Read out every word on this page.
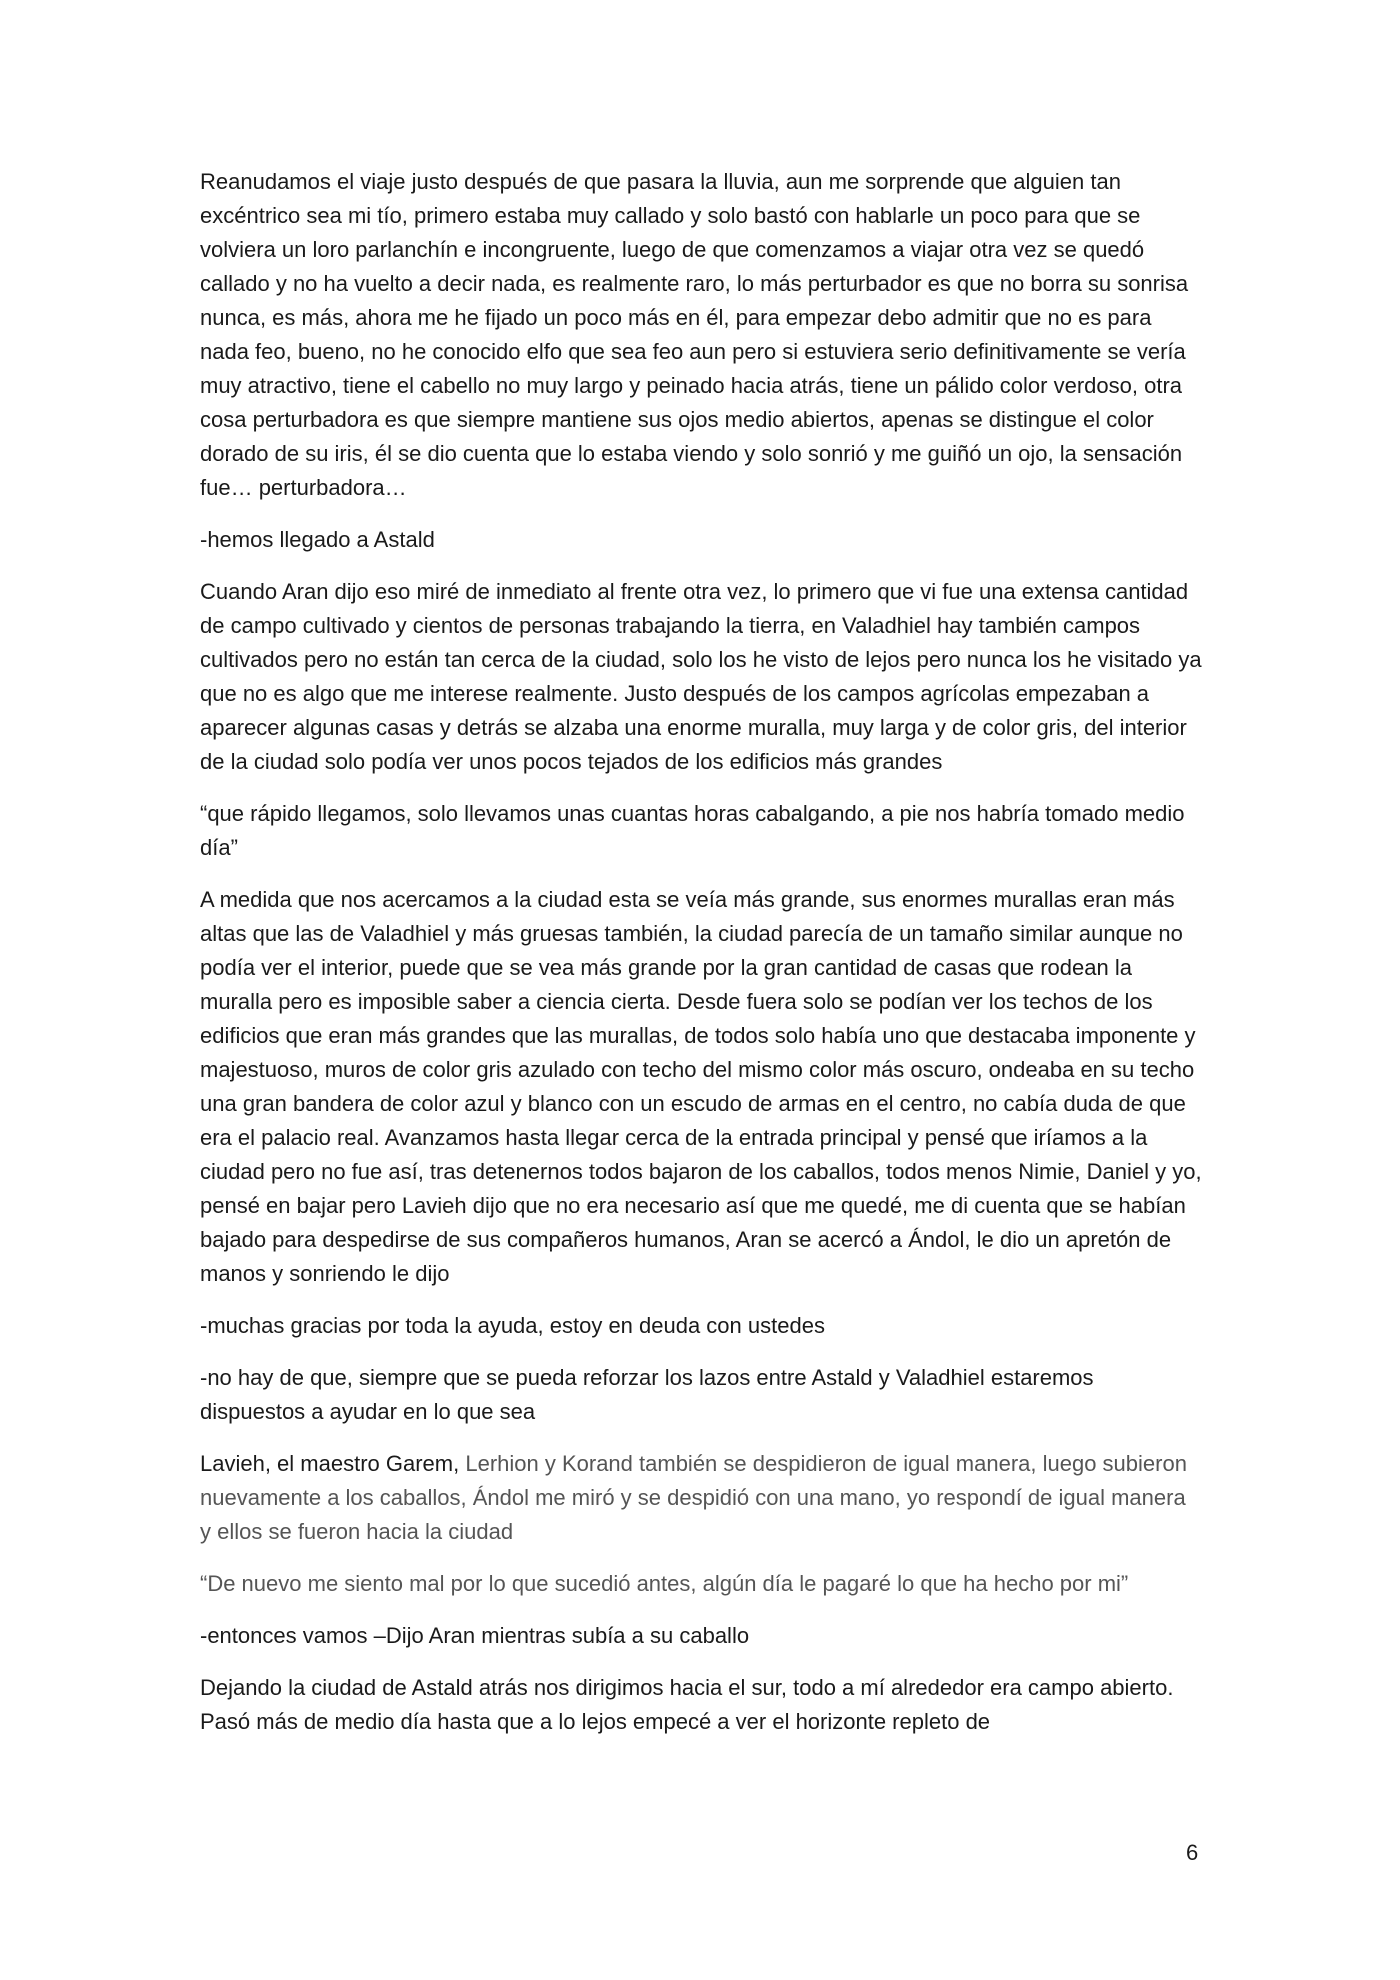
Reanudamos el viaje justo después de que pasara la lluvia, aun me sorprende que alguien tan excéntrico sea mi tío, primero estaba muy callado y solo bastó con hablarle un poco para que se volviera un loro parlanchín e incongruente, luego de que comenzamos a viajar otra vez se quedó callado y no ha vuelto a decir nada, es realmente raro, lo más perturbador es que no borra su sonrisa nunca, es más, ahora me he fijado un poco más en él, para empezar debo admitir que no es para nada feo, bueno, no he conocido elfo que sea feo aun pero si estuviera serio definitivamente se vería muy atractivo, tiene el cabello no muy largo y peinado hacia atrás, tiene un pálido color verdoso, otra cosa perturbadora es que siempre mantiene sus ojos medio abiertos, apenas se distingue el color dorado de su iris, él se dio cuenta que lo estaba viendo y solo sonrió y me guiñó un ojo, la sensación fue… perturbadora…

-hemos llegado a Astald

Cuando Aran dijo eso miré de inmediato al frente otra vez, lo primero que vi fue una extensa cantidad de campo cultivado y cientos de personas trabajando la tierra, en Valadhiel hay también campos cultivados pero no están tan cerca de la ciudad, solo los he visto de lejos pero nunca los he visitado ya que no es algo que me interese realmente. Justo después de los campos agrícolas empezaban a aparecer algunas casas y detrás se alzaba una enorme muralla, muy larga y de color gris, del interior de la ciudad solo podía ver unos pocos tejados de los edificios más grandes

“que rápido llegamos, solo llevamos unas cuantas horas cabalgando, a pie nos habría tomado medio día”

A medida que nos acercamos a la ciudad esta se veía más grande, sus enormes murallas eran más altas que las de Valadhiel y más gruesas también, la ciudad parecía de un tamaño similar aunque no podía ver el interior, puede que se vea más grande por la gran cantidad de casas que rodean la muralla pero es imposible saber a ciencia cierta. Desde fuera solo se podían ver los techos de los edificios que eran más grandes que las murallas, de todos solo había uno que destacaba imponente y majestuoso, muros de color gris azulado con techo del mismo color más oscuro, ondeaba en su techo una gran bandera de color azul y blanco con un escudo de armas en el centro, no cabía duda de que era el palacio real. Avanzamos hasta llegar cerca de la entrada principal y pensé que iríamos a la ciudad pero no fue así, tras detenernos todos bajaron de los caballos, todos menos Nimie, Daniel y yo, pensé en bajar pero Lavieh dijo que no era necesario así que me quedé, me di cuenta que se habían bajado para despedirse de sus compañeros humanos, Aran se acercó a Ándol, le dio un apretón de manos y sonriendo le dijo

-muchas gracias por toda la ayuda, estoy en deuda con ustedes

-no hay de que, siempre que se pueda reforzar los lazos entre Astald y Valadhiel estaremos dispuestos a ayudar en lo que sea

Lavieh, el maestro Garem, Lerhion y Korand también se despidieron de igual manera, luego subieron nuevamente a los caballos, Ándol me miró y se despidió con una mano, yo respondí de igual manera y ellos se fueron hacia la ciudad

“De nuevo me siento mal por lo que sucedió antes, algún día le pagaré lo que ha hecho por mi”

-entonces vamos –Dijo Aran mientras subía a su caballo

Dejando la ciudad de Astald atrás nos dirigimos hacia el sur, todo a mí alrededor era campo abierto. Pasó más de medio día hasta que a lo lejos empecé a ver el horizonte repleto de

6
